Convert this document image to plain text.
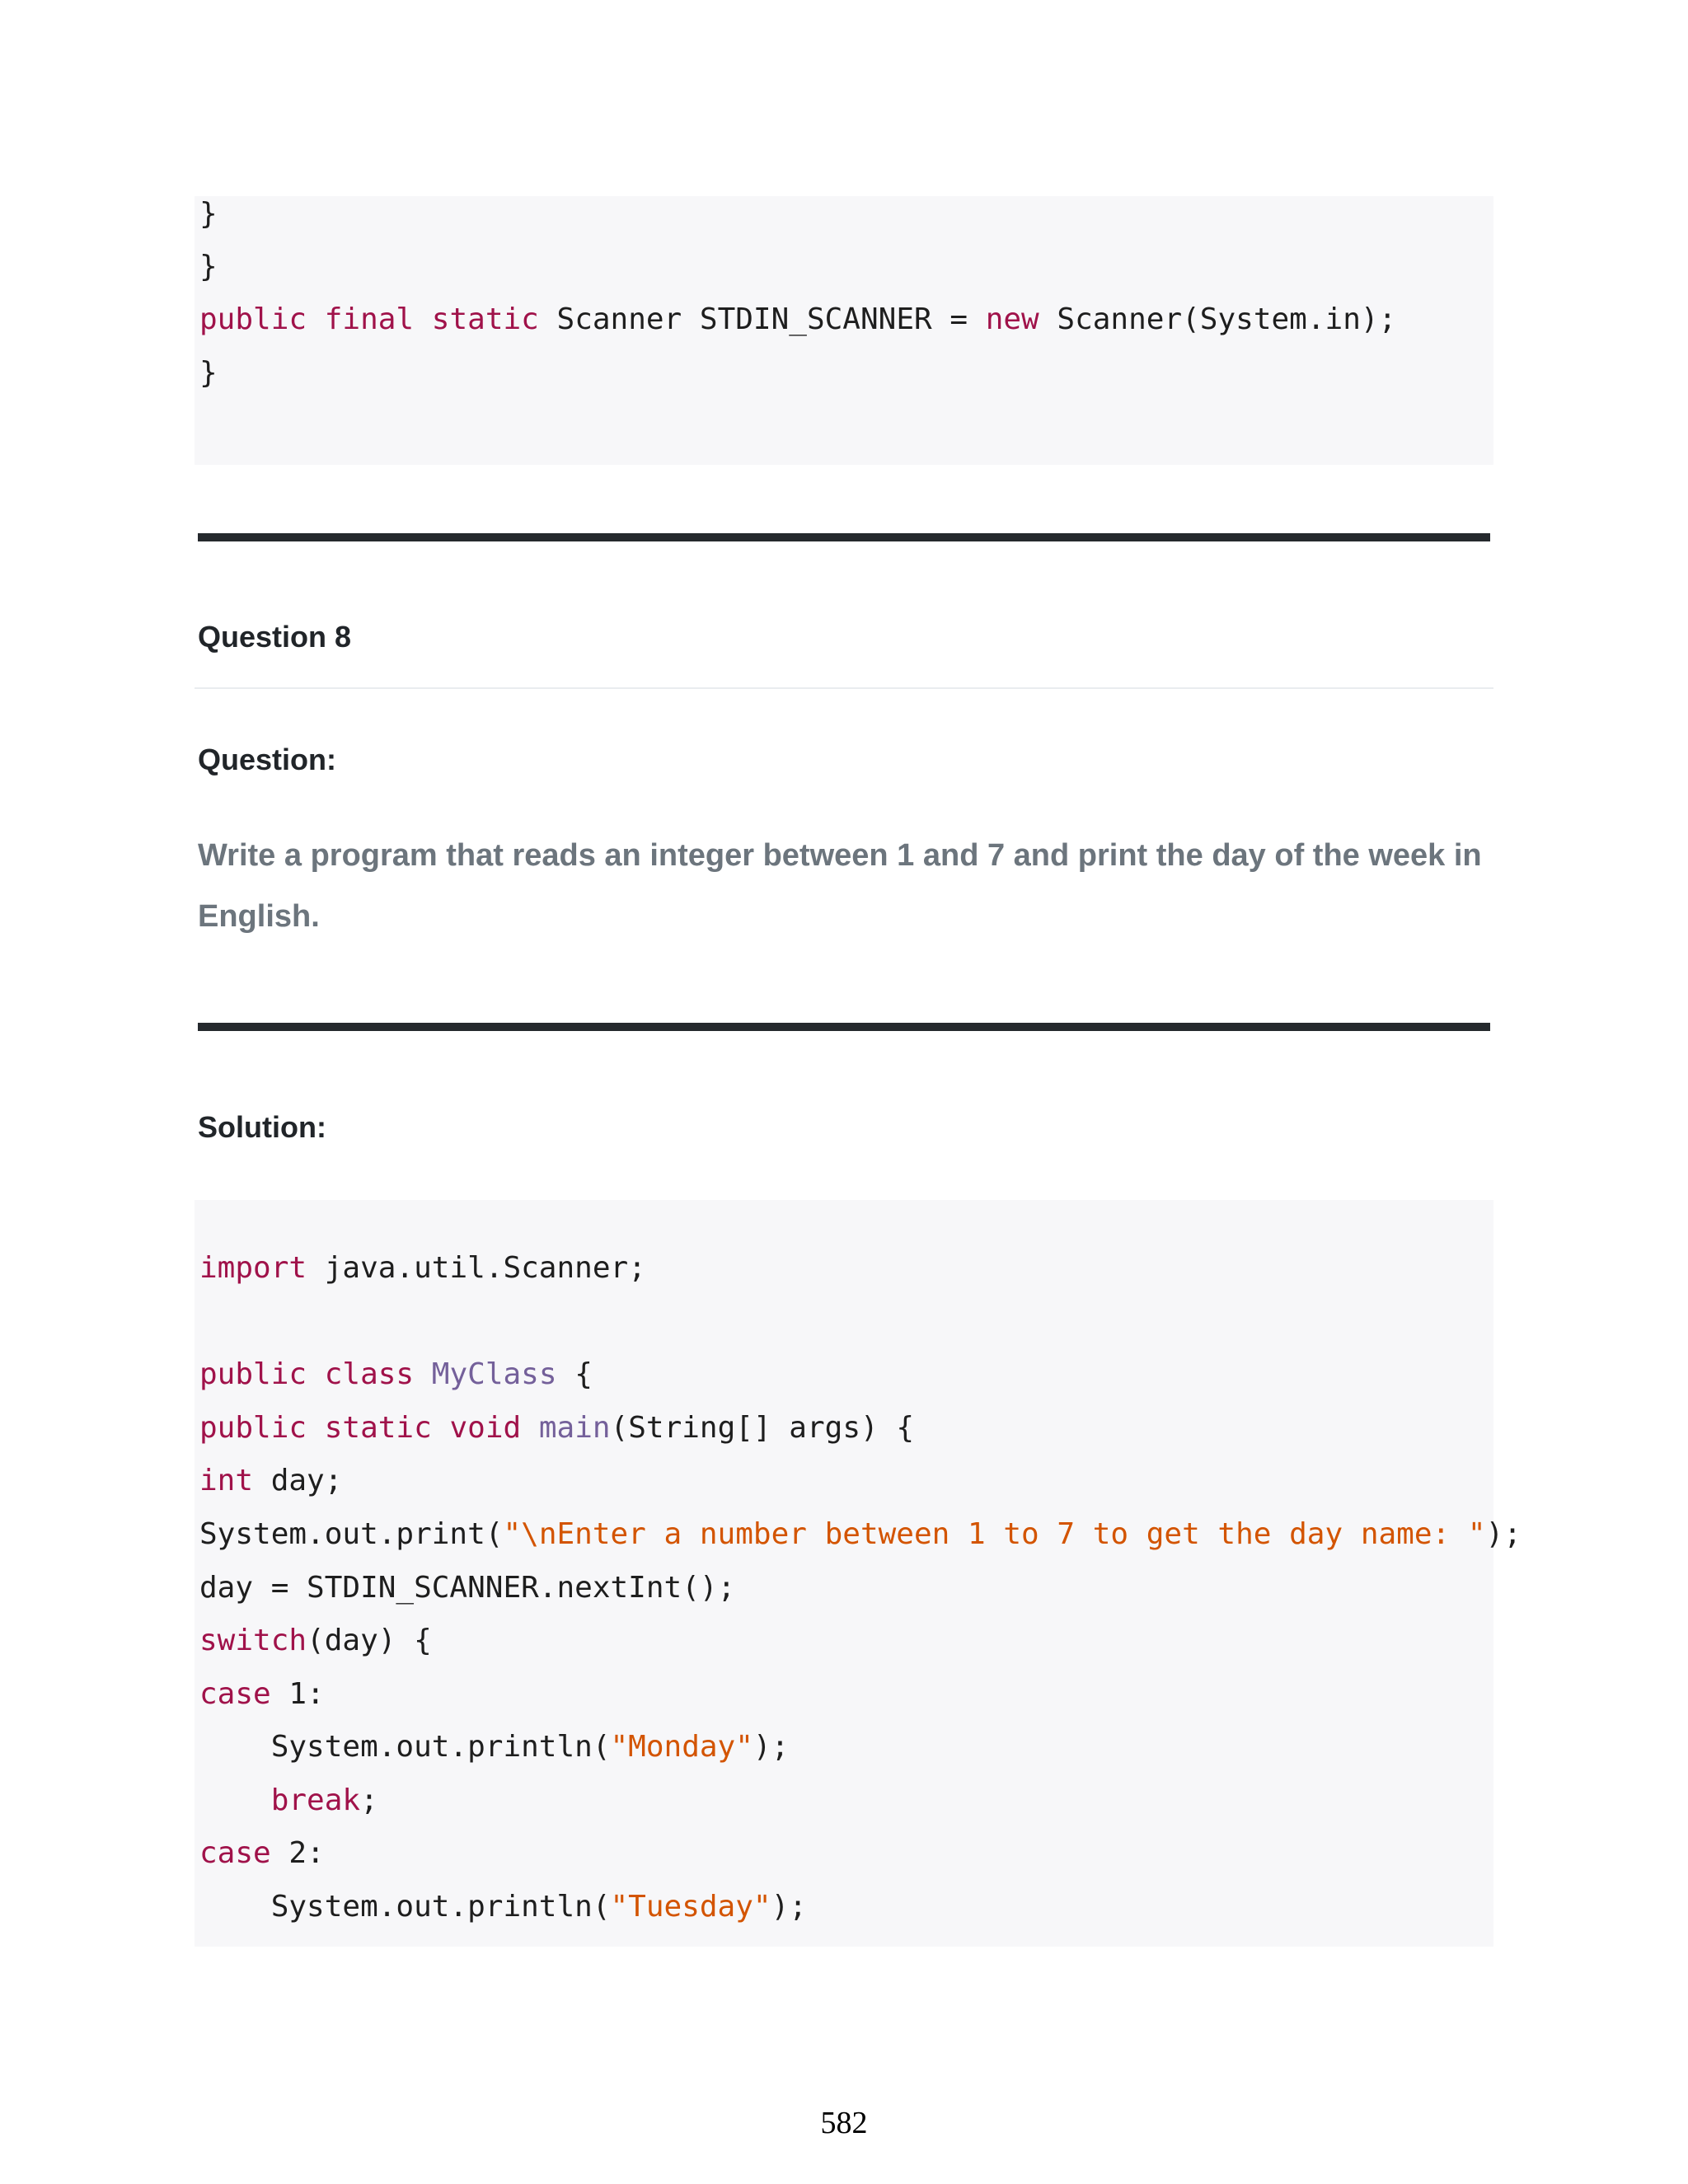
}
}
public final static Scanner STDIN_SCANNER = new Scanner(System.in);
}
Question 8
Question:
Write a program that reads an integer between 1 and 7 and print the day of the week in English.
Solution:
import java.util.Scanner;
public class MyClass {
public static void main(String[] args) {
int day;
System.out.print("\nEnter a number between 1 to 7 to get the day name: ");
day = STDIN_SCANNER.nextInt();
switch(day) {
case 1:
System.out.println("Monday");
break;
case 2:
System.out.println("Tuesday");
582
